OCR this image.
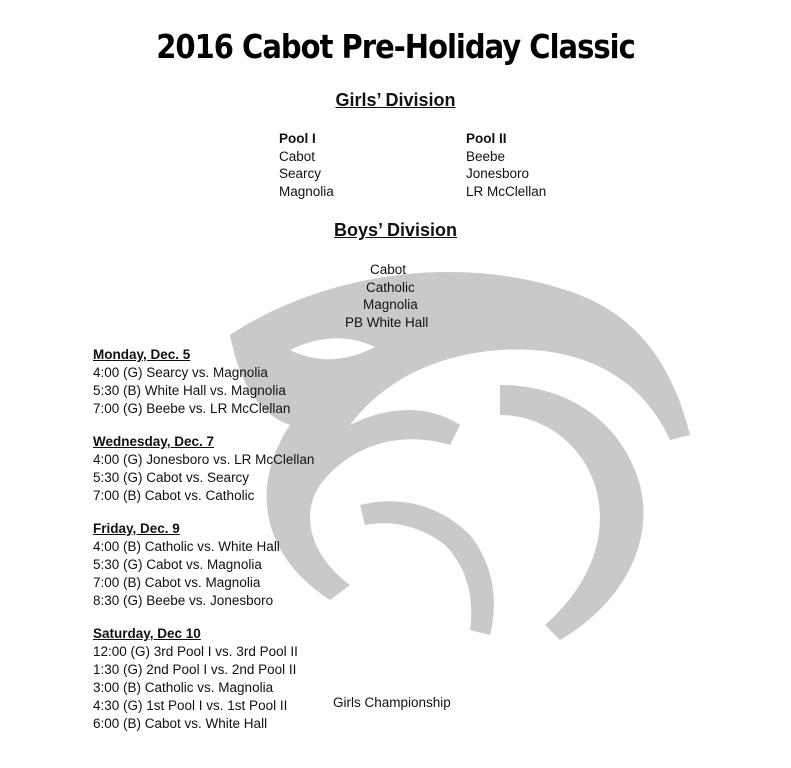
2016 Cabot Pre-Holiday Classic
Girls’ Division
Pool I
Cabot
Searcy
Magnolia
Pool II
Beebe
Jonesboro
LR McClellan
Boys’ Division
Cabot
Catholic
Magnolia
PB White Hall
Monday, Dec. 5
4:00 (G) Searcy vs. Magnolia
5:30 (B) White Hall vs. Magnolia
7:00 (G) Beebe vs. LR McClellan
Wednesday, Dec. 7
4:00 (G) Jonesboro vs. LR McClellan
5:30 (G) Cabot vs. Searcy
7:00 (B) Cabot vs. Catholic
Friday, Dec. 9
4:00 (B) Catholic vs. White Hall
5:30 (G) Cabot vs. Magnolia
7:00 (B) Cabot vs. Magnolia
8:30 (G) Beebe vs. Jonesboro
Saturday, Dec 10
12:00 (G) 3rd Pool I vs. 3rd Pool II
1:30 (G) 2nd Pool I vs. 2nd Pool II
3:00 (B) Catholic vs. Magnolia
4:30 (G) 1st Pool I vs. 1st Pool II
6:00 (B) Cabot vs. White Hall
Girls Championship
